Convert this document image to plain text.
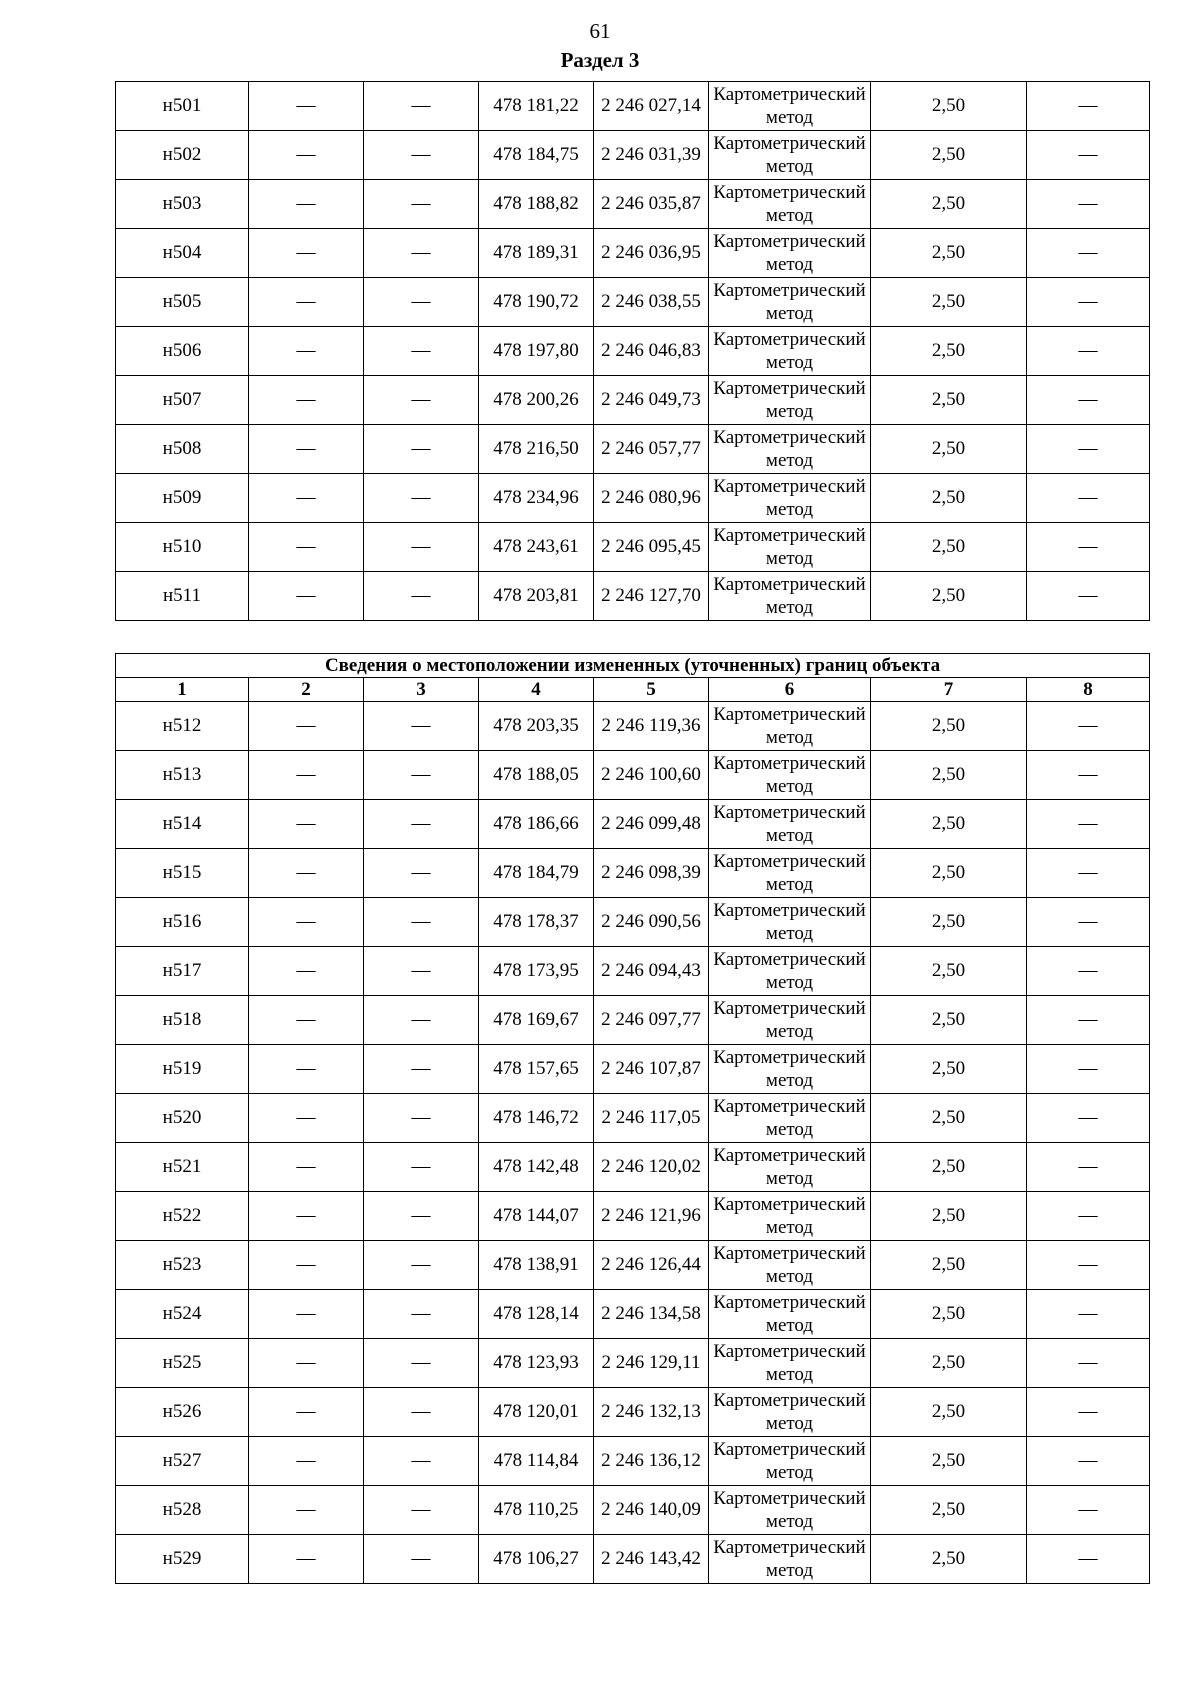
61
Раздел 3
н501	—	—	478 181,22	2 246 027,14	Картометрический метод	2,50	—
н502	—	—	478 184,75	2 246 031,39	Картометрический метод	2,50	—
н503	—	—	478 188,82	2 246 035,87	Картометрический метод	2,50	—
н504	—	—	478 189,31	2 246 036,95	Картометрический метод	2,50	—
н505	—	—	478 190,72	2 246 038,55	Картометрический метод	2,50	—
н506	—	—	478 197,80	2 246 046,83	Картометрический метод	2,50	—
н507	—	—	478 200,26	2 246 049,73	Картометрический метод	2,50	—
н508	—	—	478 216,50	2 246 057,77	Картометрический метод	2,50	—
н509	—	—	478 234,96	2 246 080,96	Картометрический метод	2,50	—
н510	—	—	478 243,61	2 246 095,45	Картометрический метод	2,50	—
н511	—	—	478 203,81	2 246 127,70	Картометрический метод	2,50	—
Сведения о местоположении измененных (уточненных) границ объекта							
1	2	3	4	5	6	7	8
н512	—	—	478 203,35	2 246 119,36	Картометрический метод	2,50	—
н513	—	—	478 188,05	2 246 100,60	Картометрический метод	2,50	—
н514	—	—	478 186,66	2 246 099,48	Картометрический метод	2,50	—
н515	—	—	478 184,79	2 246 098,39	Картометрический метод	2,50	—
н516	—	—	478 178,37	2 246 090,56	Картометрический метод	2,50	—
н517	—	—	478 173,95	2 246 094,43	Картометрический метод	2,50	—
н518	—	—	478 169,67	2 246 097,77	Картометрический метод	2,50	—
н519	—	—	478 157,65	2 246 107,87	Картометрический метод	2,50	—
н520	—	—	478 146,72	2 246 117,05	Картометрический метод	2,50	—
н521	—	—	478 142,48	2 246 120,02	Картометрический метод	2,50	—
н522	—	—	478 144,07	2 246 121,96	Картометрический метод	2,50	—
н523	—	—	478 138,91	2 246 126,44	Картометрический метод	2,50	—
н524	—	—	478 128,14	2 246 134,58	Картометрический метод	2,50	—
н525	—	—	478 123,93	2 246 129,11	Картометрический метод	2,50	—
н526	—	—	478 120,01	2 246 132,13	Картометрический метод	2,50	—
н527	—	—	478 114,84	2 246 136,12	Картометрический метод	2,50	—
н528	—	—	478 110,25	2 246 140,09	Картометрический метод	2,50	—
н529	—	—	478 106,27	2 246 143,42	Картометрический метод	2,50	—
